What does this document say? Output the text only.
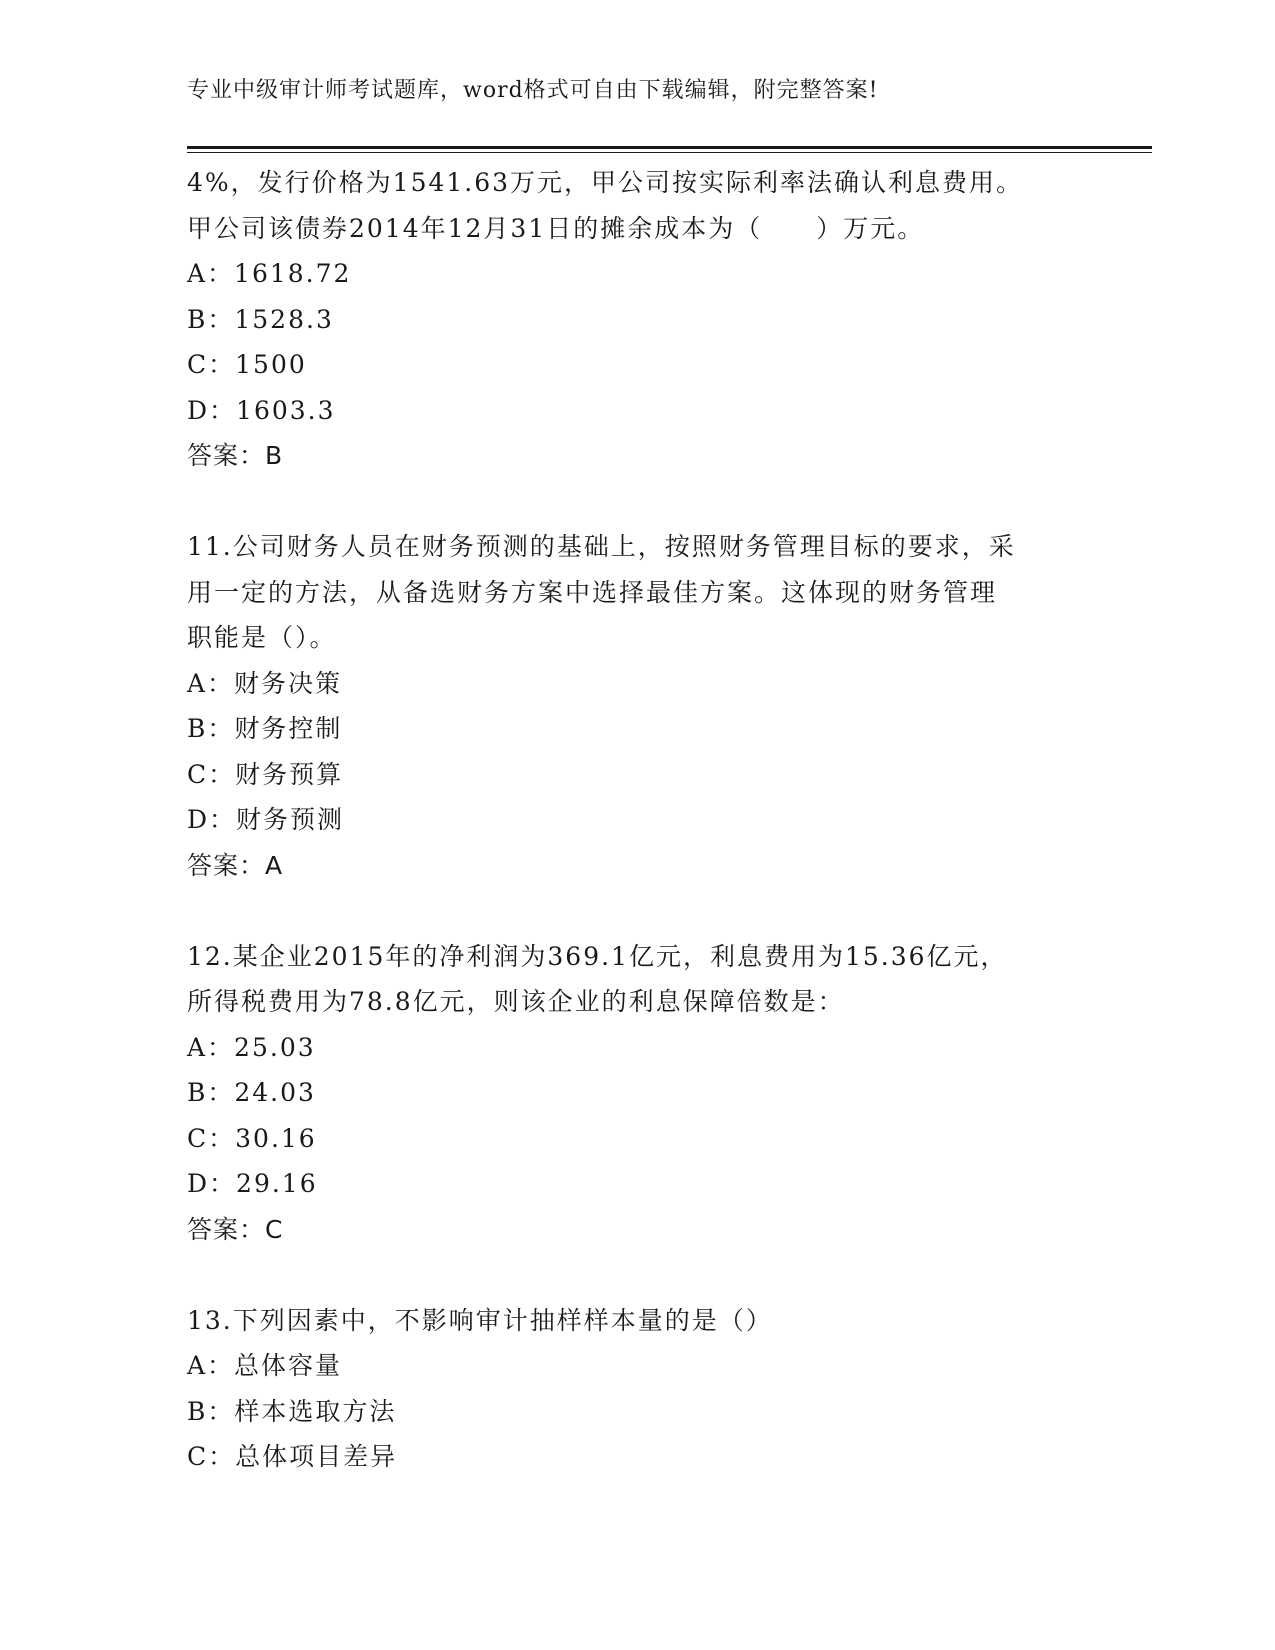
专业中级审计师考试题库，word格式可自由下载编辑，附完整答案!
4%，发行价格为1541.63万元，甲公司按实际利率法确认利息费用。
甲公司该债券2014年12月31日的摊余成本为（　　）万元。
A：1618.72
B：1528.3
C：1500
D：1603.3
答案：B
11.公司财务人员在财务预测的基础上，按照财务管理目标的要求，采
用一定的方法，从备选财务方案中选择最佳方案。这体现的财务管理
职能是（）。
A：财务决策
B：财务控制
C：财务预算
D：财务预测
答案：A
12.某企业2015年的净利润为369.1亿元，利息费用为15.36亿元，
所得税费用为78.8亿元，则该企业的利息保障倍数是：
A：25.03
B：24.03
C：30.16
D：29.16
答案：C
13.下列因素中，不影响审计抽样样本量的是（）
A：总体容量
B：样本选取方法
C：总体项目差异
